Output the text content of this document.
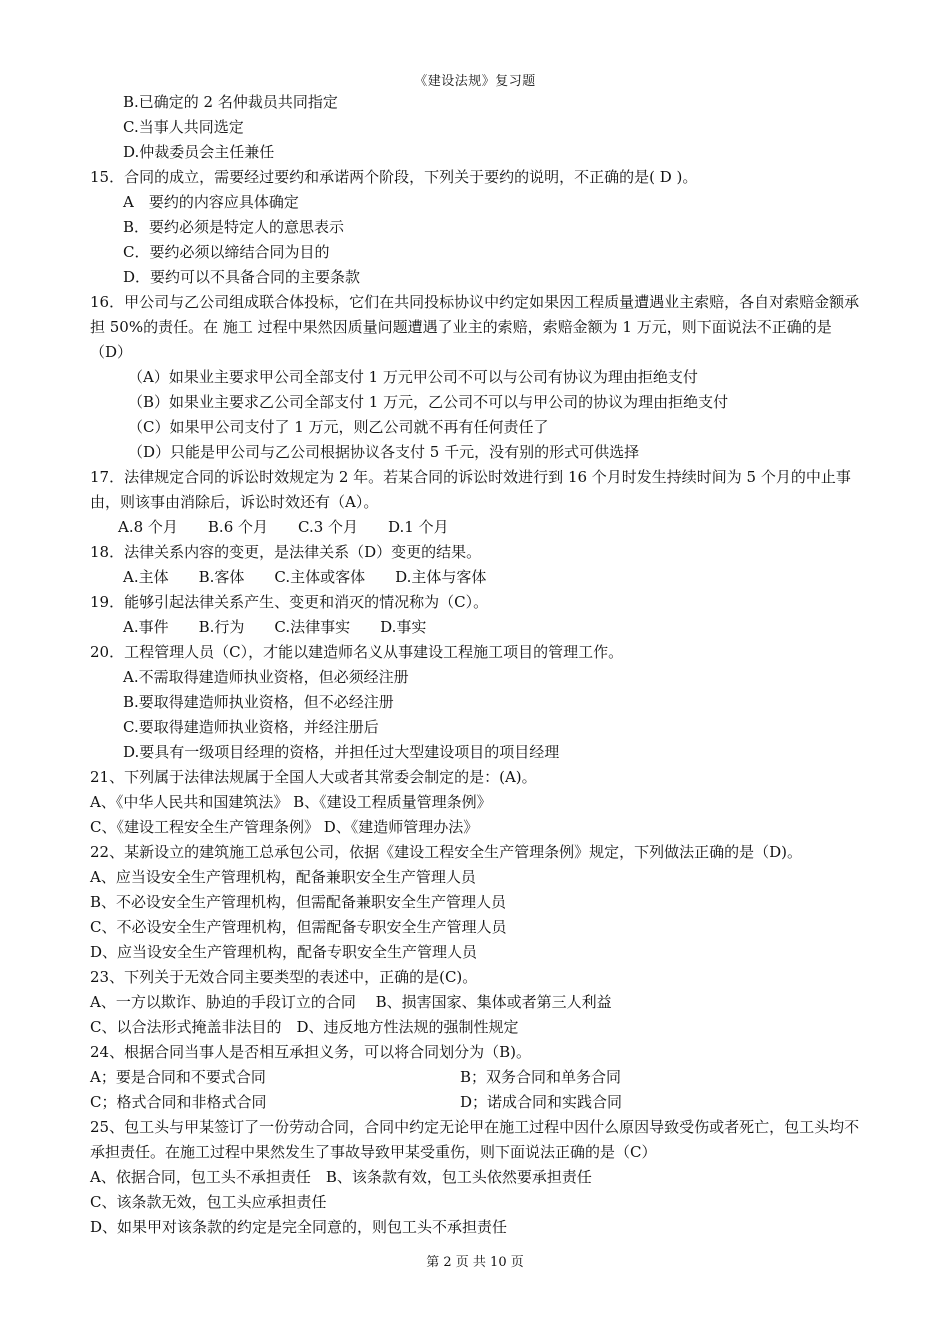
《建设法规》复习题
B.已确定的 2 名仲裁员共同指定
C.当事人共同选定
D.仲裁委员会主任兼任
15．合同的成立，需要经过要约和承诺两个阶段，下列关于要约的说明，不正确的是( D )。
A　要约的内容应具体确定
B．要约必须是特定人的意思表示
C．要约必须以缔结合同为目的
D．要约可以不具备合同的主要条款
16．甲公司与乙公司组成联合体投标，它们在共同投标协议中约定如果因工程质量遭遇业主索赔，各自对索赔金额承担 50%的责任。在 施工 过程中果然因质量问题遭遇了业主的索赔，索赔金额为 1 万元，则下面说法不正确的是（D）
（A）如果业主要求甲公司全部支付 1 万元甲公司不可以与公司有协议为理由拒绝支付
（B）如果业主要求乙公司全部支付 1 万元，乙公司不可以与甲公司的协议为理由拒绝支付
（C）如果甲公司支付了 1 万元，则乙公司就不再有任何责任了
（D）只能是甲公司与乙公司根据协议各支付 5 千元，没有别的形式可供选择
17．法律规定合同的诉讼时效规定为 2 年。若某合同的诉讼时效进行到 16 个月时发生持续时间为 5 个月的中止事由，则该事由消除后，诉讼时效还有（A）。
A.8 个月　　B.6 个月　　C.3 个月　　D.1 个月
18．法律关系内容的变更，是法律关系（D）变更的结果。
A.主体　　B.客体　　C.主体或客体　　D.主体与客体
19．能够引起法律关系产生、变更和消灭的情况称为（C）。
A.事件　　B.行为　　C.法律事实　　D.事实
20．工程管理人员（C），才能以建造师名义从事建设工程施工项目的管理工作。
A.不需取得建造师执业资格，但必须经注册
B.要取得建造师执业资格，但不必经注册
C.要取得建造师执业资格，并经注册后
D.要具有一级项目经理的资格，并担任过大型建设项目的项目经理
21、下列属于法律法规属于全国人大或者其常委会制定的是：(A)。
A、《中华人民共和国建筑法》 B、《建设工程质量管理条例》
C、《建设工程安全生产管理条例》 D、《建造师管理办法》
22、某新设立的建筑施工总承包公司，依据《建设工程安全生产管理条例》规定，下列做法正确的是（D)。
A、应当设安全生产管理机构，配备兼职安全生产管理人员
B、不必设安全生产管理机构，但需配备兼职安全生产管理人员
C、不必设安全生产管理机构，但需配备专职安全生产管理人员
D、应当设安全生产管理机构，配备专职安全生产管理人员
23、下列关于无效合同主要类型的表述中，正确的是(C)。
A、一方以欺诈、胁迫的手段订立的合同　 B、损害国家、集体或者第三人利益
C、以合法形式掩盖非法目的　D、违反地方性法规的强制性规定
24、根据合同当事人是否相互承担义务，可以将合同划分为（B)。
A；要是合同和不要式合同	B；双务合同和单务合同
C；格式合同和非格式合同	D；诺成合同和实践合同
25、包工头与甲某签订了一份劳动合同，合同中约定无论甲在施工过程中因什么原因导致受伤或者死亡，包工头均不承担责任。在施工过程中果然发生了事故导致甲某受重伤，则下面说法正确的是（C）
A、依据合同，包工头不承担责任　B、该条款有效，包工头依然要承担责任
C、该条款无效，包工头应承担责任
D、如果甲对该条款的约定是完全同意的，则包工头不承担责任
第 2 页 共 10 页
